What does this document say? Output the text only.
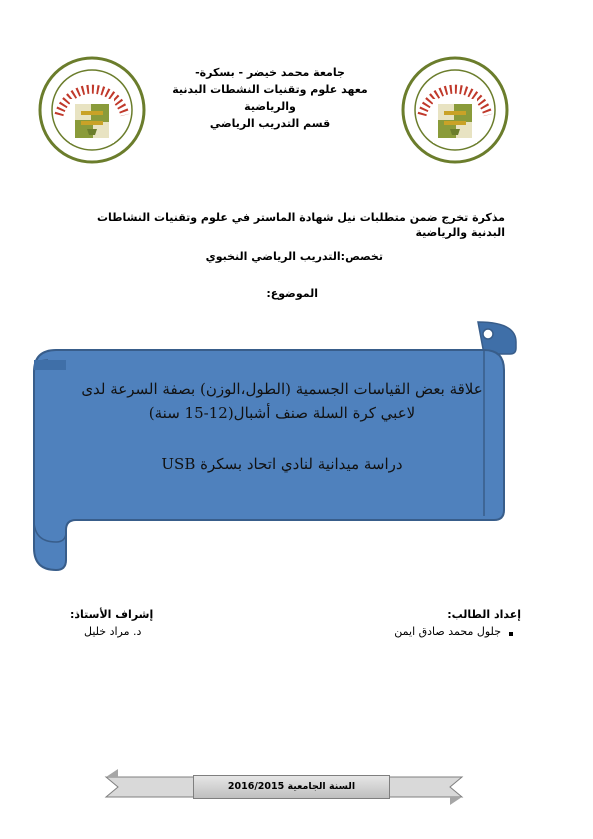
جامعة محمد خيضر - بسكرة-
معهد علوم وتقنيات النشطات البدنية والرياضية
قسم التدريب الرياضي
مذكرة تخرج ضمن متطلبات نيل شهادة الماستر في علوم وتقنيات النشاطات البدنية والرياضية
تخصص:التدريب الرياضي النخبوي
الموضوع:
علاقة بعض القياسات الجسمية (الطول،الوزن) بصفة السرعة لدى لاعبي كرة السلة صنف أشبال(12-15 سنة)
دراسة ميدانية لنادي اتحاد بسكرة USB
إعداد الطالب:
جلول محمد صادق ايمن
إشراف الأستاذ:
د. مراد خليل
السنة الجامعية 2016/2015
